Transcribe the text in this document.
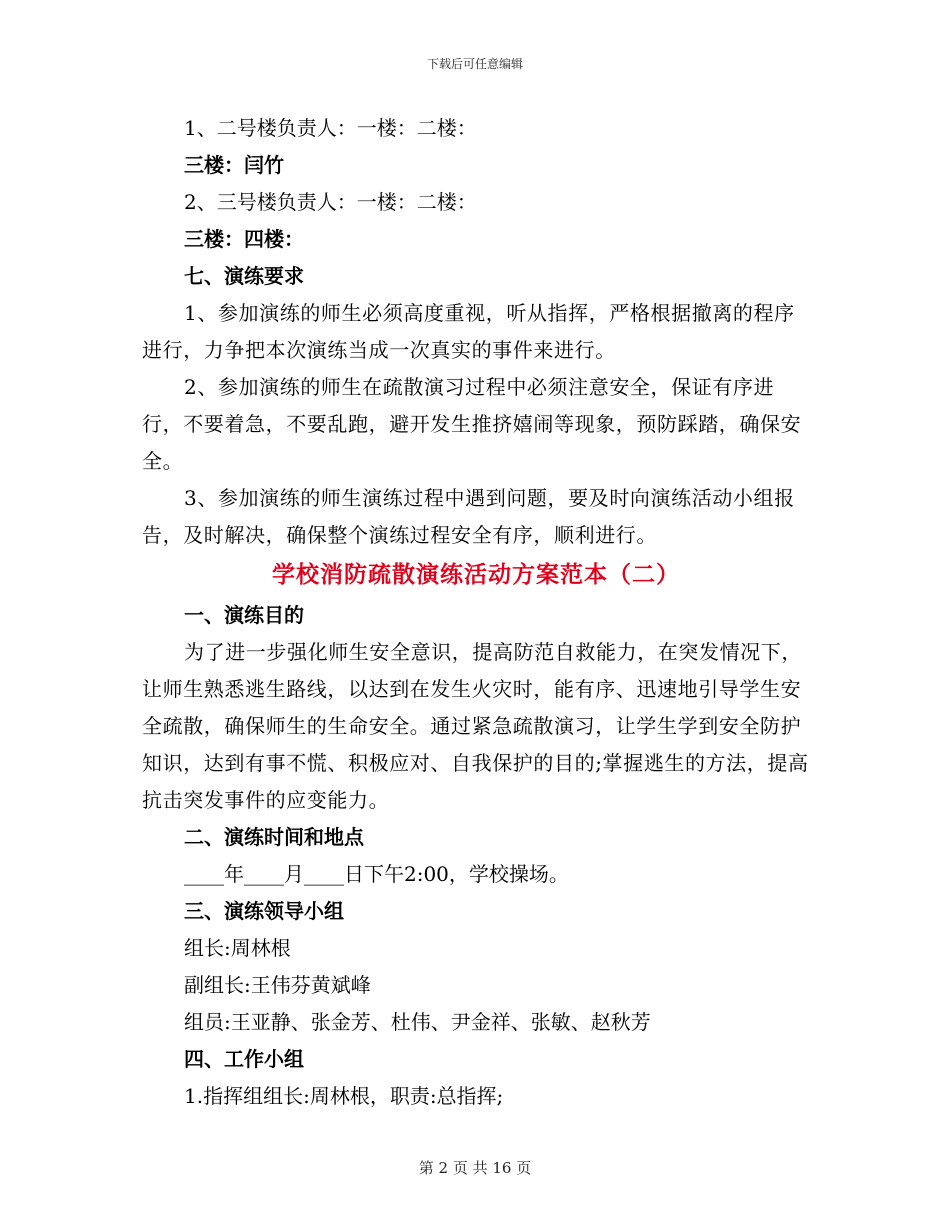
下载后可任意编辑
1、二号楼负责人：一楼：二楼：
三楼：闫竹
2、三号楼负责人：一楼：二楼：
三楼：四楼：
七、演练要求
1、参加演练的师生必须高度重视，听从指挥，严格根据撤离的程序进行，力争把本次演练当成一次真实的事件来进行。
2、参加演练的师生在疏散演习过程中必须注意安全，保证有序进行，不要着急，不要乱跑，避开发生推挤嬉闹等现象，预防踩踏，确保安全。
3、参加演练的师生演练过程中遇到问题，要及时向演练活动小组报告，及时解决，确保整个演练过程安全有序，顺利进行。
学校消防疏散演练活动方案范本（二）
一、演练目的
为了进一步强化师生安全意识，提高防范自救能力，在突发情况下，让师生熟悉逃生路线，以达到在发生火灾时，能有序、迅速地引导学生安全疏散，确保师生的生命安全。通过紧急疏散演习，让学生学到安全防护知识，达到有事不慌、积极应对、自我保护的目的;掌握逃生的方法，提高抗击突发事件的应变能力。
二、演练时间和地点
____年____月____日下午2:00，学校操场。
三、演练领导小组
组长:周林根
副组长:王伟芬黄斌峰
组员:王亚静、张金芳、杜伟、尹金祥、张敏、赵秋芳
四、工作小组
1.指挥组组长:周林根，职责:总指挥;
第 2 页 共 16 页
